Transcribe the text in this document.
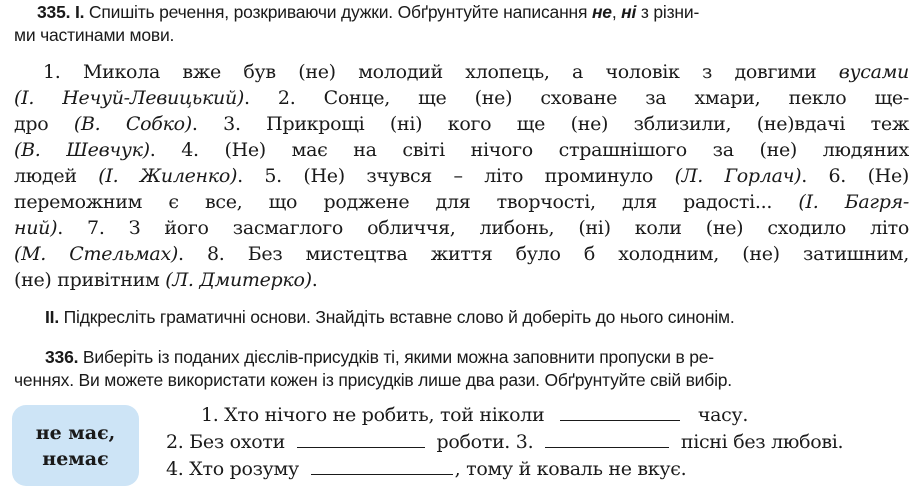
335. I. Спишіть речення, розкриваючи дужки. Обґрунтуйте написання не, ні з різни-
ми частинами мови.
1. Микола вже був (не) молодий хлопець, а чоловік з довгими вусами
(І. Нечуй-Левицький). 2. Сонце, ще (не) сховане за хмари, пекло ще-
дро (В. Собко). 3. Прикрощі (ні) кого ще (не) зблизили, (не)вдачі теж
(В. Шевчук). 4. (Не) має на світі нічого страшнішого за (не) людяних
людей (І. Жиленко). 5. (Не) зчувся – літо проминуло (Л. Горлач). 6. (Не)
переможним є все, що роджене для творчості, для радості... (І. Багря-
ний). 7. З його засмаглого обличчя, либонь, (ні) коли (не) сходило літо
(М. Стельмах). 8. Без мистецтва життя було б холодним, (не) затишним,
(не) привітним (Л. Дмитерко).
II. Підкресліть граматичні основи. Знайдіть вставне слово й доберіть до нього синонім.
336. Виберіть із поданих дієслів-присудків ті, якими можна заповнити пропуски в ре-
ченнях. Ви можете використати кожен із присудків лише два рази. Обґрунтуйте свій вибір.
не має,
немає
1. Хто нічого не робить, той ніколи	часу.
2. Без охоти	роботи. 3.	пісні без любові.
4. Хто розуму	, тому й коваль не вкує.
